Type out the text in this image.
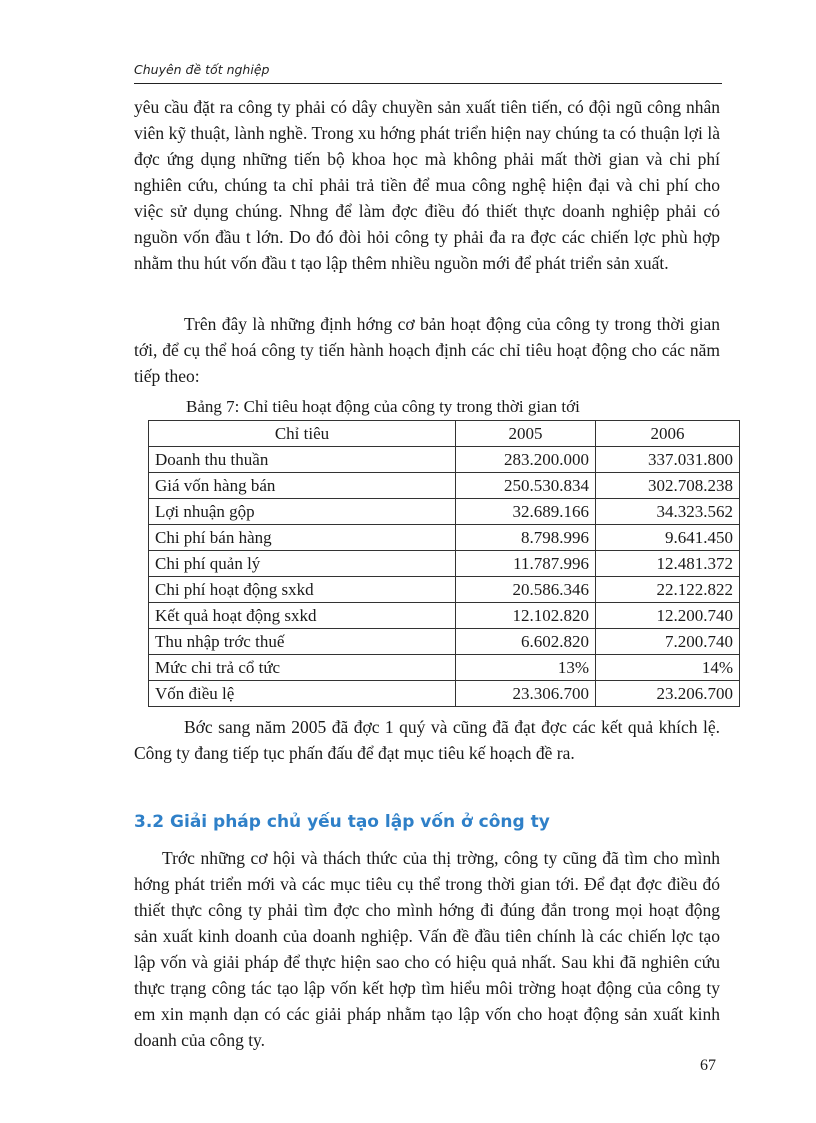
Chuyên đề tốt nghiệp

yêu cầu đặt ra công ty phải có dây chuyền sản xuất tiên tiến, có đội ngũ công nhân viên kỹ thuật, lành nghề. Trong xu hớng phát triển hiện nay chúng ta có thuận lợi là đợc ứng dụng những tiến bộ khoa học mà không phải mất thời gian và chi phí nghiên cứu, chúng ta chỉ phải trả tiền để mua công nghệ hiện đại và chi phí cho việc sử dụng chúng. Nhng để làm đợc điều đó thiết thực doanh nghiệp phải có nguồn vốn đầu t lớn. Do đó đòi hỏi công ty phải đa ra đợc các chiến lợc phù hợp nhằm thu hút vốn đầu t tạo lập thêm nhiều nguồn mới để phát triển sản xuất.

Trên đây là những định hớng cơ bản hoạt động của công ty trong thời gian tới, để cụ thể hoá công ty tiến hành hoạch định các chỉ tiêu hoạt động cho các năm tiếp theo:

Bảng 7: Chỉ tiêu hoạt động của công ty trong thời gian tới
Chỉ tiêu	2005	2006
Doanh thu thuần	283.200.000	337.031.800
Giá vốn hàng bán	250.530.834	302.708.238
Lợi nhuận gộp	32.689.166	34.323.562
Chi phí bán hàng	8.798.996	9.641.450
Chi phí quản lý	11.787.996	12.481.372
Chi phí hoạt động sxkd	20.586.346	22.122.822
Kết quả hoạt động sxkd	12.102.820	12.200.740
Thu nhập trớc thuế	6.602.820	7.200.740
Mức chi trả cổ tức	13%	14%
Vốn điều lệ	23.306.700	23.206.700

Bớc sang năm 2005 đã đợc 1 quý và cũng đã đạt đợc các kết quả khích lệ. Công ty đang tiếp tục phấn đấu để đạt mục tiêu kế hoạch đề ra.

3.2 Giải pháp chủ yếu tạo lập vốn ở công ty

Trớc những cơ hội và thách thức của thị trờng, công ty cũng đã tìm cho mình hớng phát triển mới và các mục tiêu cụ thể trong thời gian tới. Để đạt đợc điều đó thiết thực công ty phải tìm đợc cho mình hớng đi đúng đắn trong mọi hoạt động sản xuất kinh doanh của doanh nghiệp. Vấn đề đầu tiên chính là các chiến lợc tạo lập vốn và giải pháp để thực hiện sao cho có hiệu quả nhất. Sau khi đã nghiên cứu thực trạng công tác tạo lập vốn kết hợp tìm hiểu môi trờng hoạt động của công ty em xin mạnh dạn có các giải pháp nhằm tạo lập vốn cho hoạt động sản xuất kinh doanh của công ty.

67
